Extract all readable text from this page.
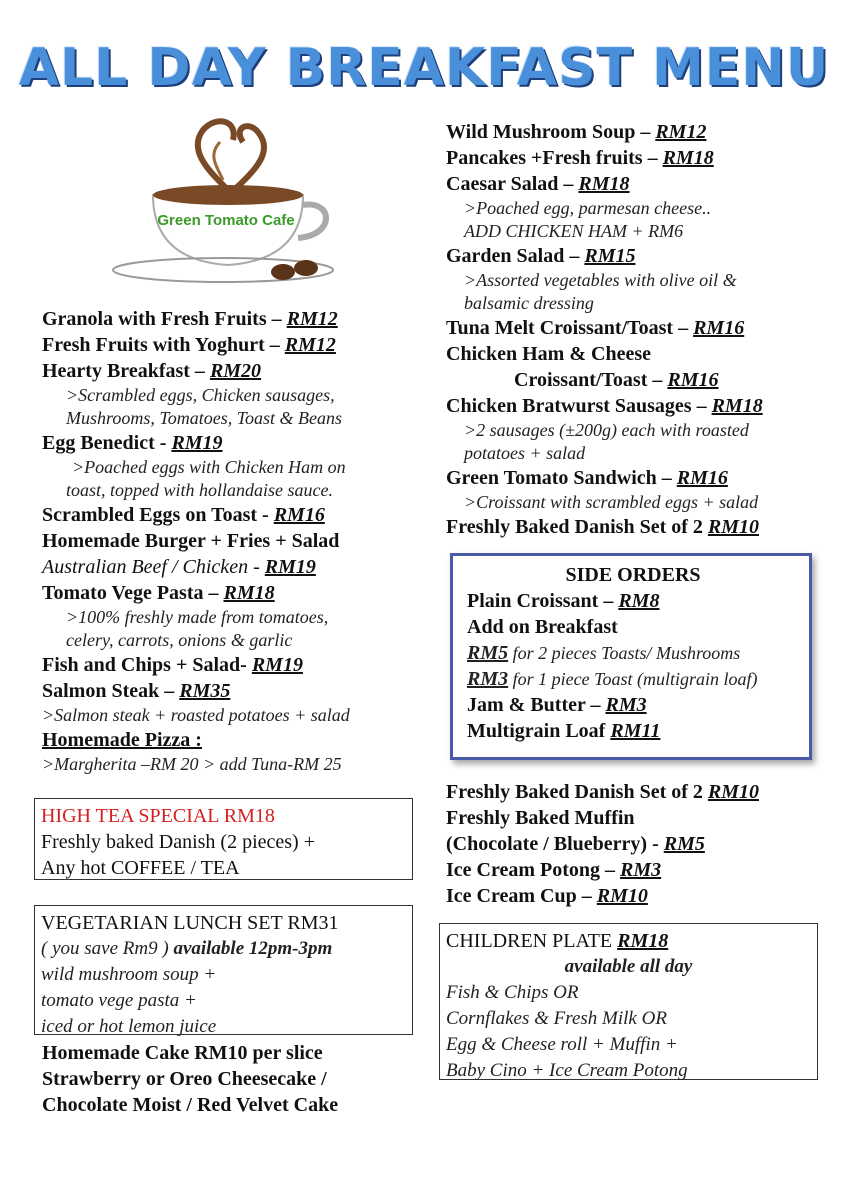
ALL DAY BREAKFAST MENU
Green Tomato Cafe
Granola with Fresh Fruits – RM12
Fresh Fruits with Yoghurt – RM12
Hearty Breakfast – RM20
>Scrambled eggs, Chicken sausages,
Mushrooms, Tomatoes, Toast & Beans
Egg Benedict - RM19
>Poached eggs with Chicken Ham on
toast, topped with hollandaise sauce.
Scrambled Eggs on Toast - RM16
Homemade Burger + Fries + Salad
Australian Beef / Chicken - RM19
Tomato Vege Pasta – RM18
>100% freshly made from tomatoes,
celery, carrots, onions & garlic
Fish and Chips + Salad- RM19
Salmon Steak – RM35
>Salmon steak + roasted potatoes + salad
Homemade Pizza :
>Margherita –RM 20 > add Tuna-RM 25
HIGH TEA SPECIAL RM18
Freshly baked Danish (2 pieces) +
Any hot COFFEE / TEA
VEGETARIAN LUNCH SET RM31
( you save Rm9 ) available 12pm-3pm
wild mushroom soup +
tomato vege pasta +
iced or hot lemon juice
Homemade Cake RM10 per slice
Strawberry or Oreo Cheesecake /
Chocolate Moist / Red Velvet Cake
Wild Mushroom Soup – RM12
Pancakes +Fresh fruits – RM18
Caesar Salad – RM18
>Poached egg, parmesan cheese..
ADD CHICKEN HAM + RM6
Garden Salad – RM15
>Assorted vegetables with olive oil &
balsamic dressing
Tuna Melt Croissant/Toast – RM16
Chicken Ham & Cheese
Croissant/Toast – RM16
Chicken Bratwurst Sausages – RM18
>2 sausages (±200g) each with roasted
potatoes + salad
Green Tomato Sandwich – RM16
>Croissant with scrambled eggs + salad
Freshly Baked Danish Set of 2 RM10
SIDE ORDERS
Plain Croissant – RM8
Add on Breakfast
RM5 for 2 pieces Toasts/ Mushrooms
RM3 for 1 piece Toast (multigrain loaf)
Jam & Butter – RM3
Multigrain Loaf RM11
Freshly Baked Danish Set of 2 RM10
Freshly Baked Muffin
(Chocolate / Blueberry) - RM5
Ice Cream Potong – RM3
Ice Cream Cup – RM10
CHILDREN PLATE RM18
available all day
Fish & Chips OR
Cornflakes & Fresh Milk OR
Egg & Cheese roll + Muffin +
Baby Cino + Ice Cream Potong
